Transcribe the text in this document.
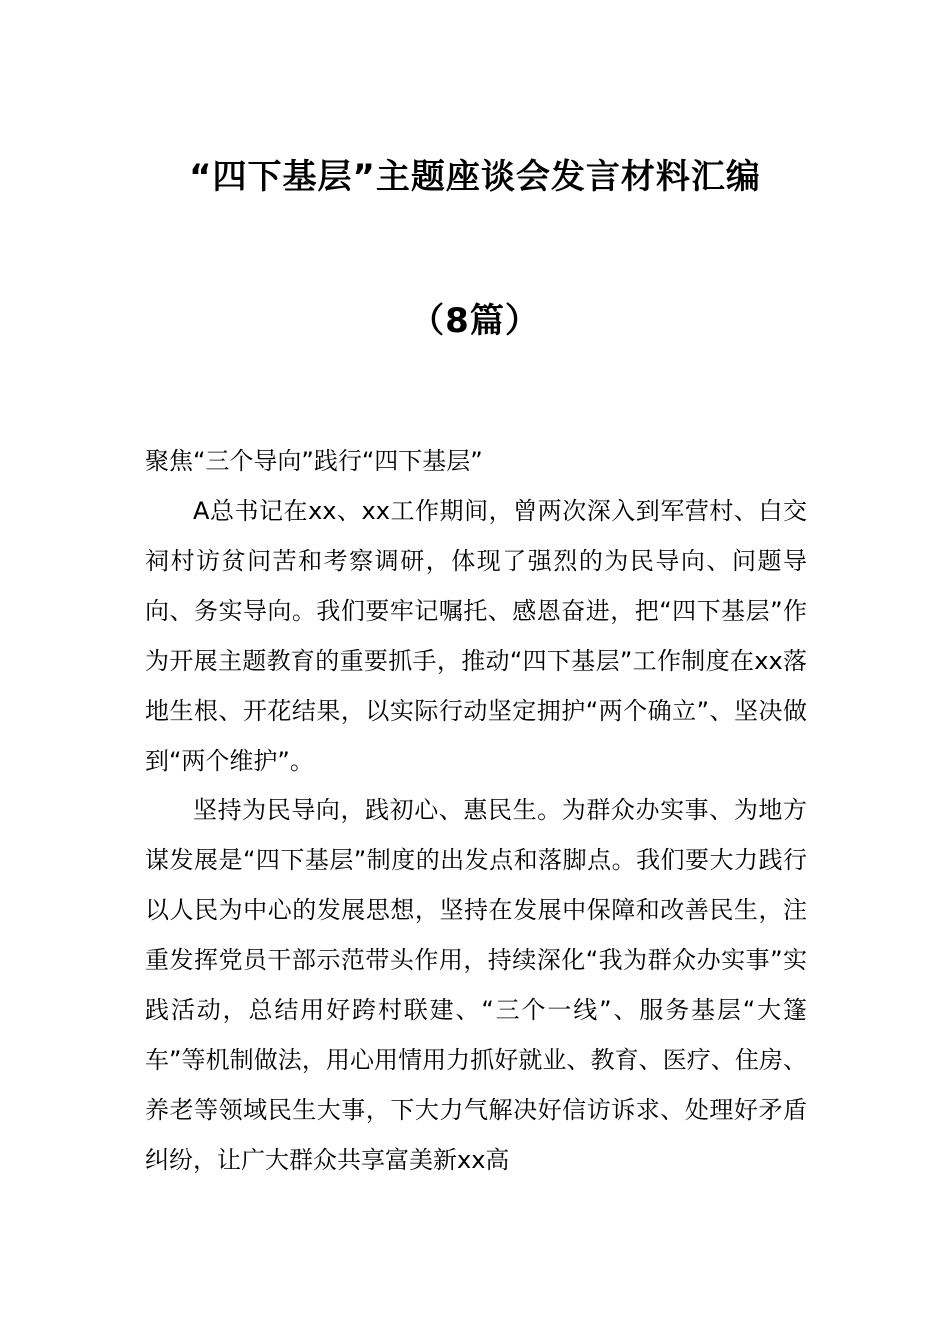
“四下基层”主题座谈会发言材料汇编
（8篇）

聚焦“三个导向”践行“四下基层”

A总书记在xx、xx工作期间，曾两次深入到军营村、白交祠村访贫问苦和考察调研，体现了强烈的为民导向、问题导向、务实导向。我们要牢记嘱托、感恩奋进，把“四下基层”作为开展主题教育的重要抓手，推动“四下基层”工作制度在xx落地生根、开花结果，以实际行动坚定拥护“两个确立”、坚决做到“两个维护”。

坚持为民导向，践初心、惠民生。为群众办实事、为地方谋发展是“四下基层”制度的出发点和落脚点。我们要大力践行以人民为中心的发展思想，坚持在发展中保障和改善民生，注重发挥党员干部示范带头作用，持续深化“我为群众办实事”实践活动，总结用好跨村联建、“三个一线”、服务基层“大篷车”等机制做法，用心用情用力抓好就业、教育、医疗、住房、养老等领域民生大事，下大力气解决好信访诉求、处理好矛盾纠纷，让广大群众共享富美新xx高
